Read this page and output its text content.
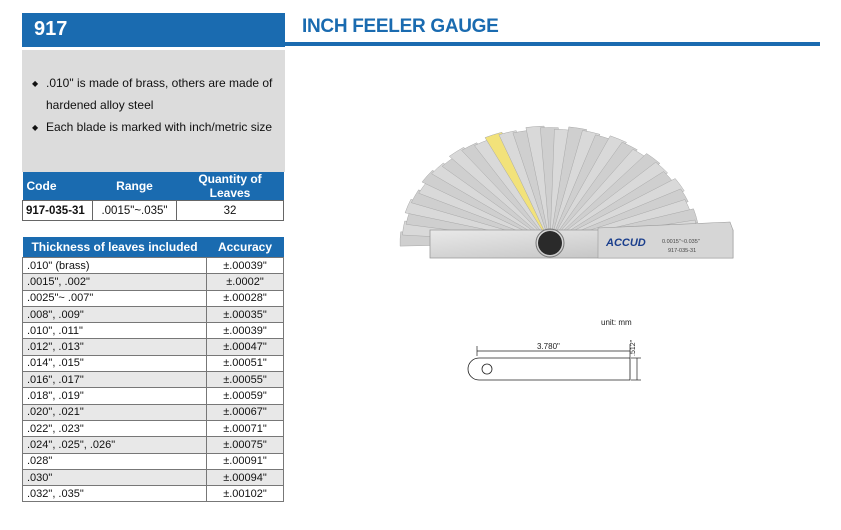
917	INCH FEELER GAUGE
◆ .010" is made of brass, others are made of
hardened alloy steel
◆ Each blade is marked with inch/metric size
Code	Range	Quantity of Leaves
917-035-31	.0015"~.035"	32
Thickness of leaves included	Accuracy
.010" (brass)	±.00039"
.0015", .002"	±.0002"
.0025"~ .007"	±.00028"
.008", .009"	±.00035"
.010", .011"	±.00039"
.012", .013"	±.00047"
.014", .015"	±.00051"
.016", .017"	±.00055"
.018", .019"	±.00059"
.020", .021"	±.00067"
.022", .023"	±.00071"
.024", .025", .026"	±.00075"
.028"	±.00091"
.030"	±.00094"
.032", .035"	±.00102"
ACCUD	0.0015"~0.035"
917-035-31
unit: mm
3.780"	.512"
